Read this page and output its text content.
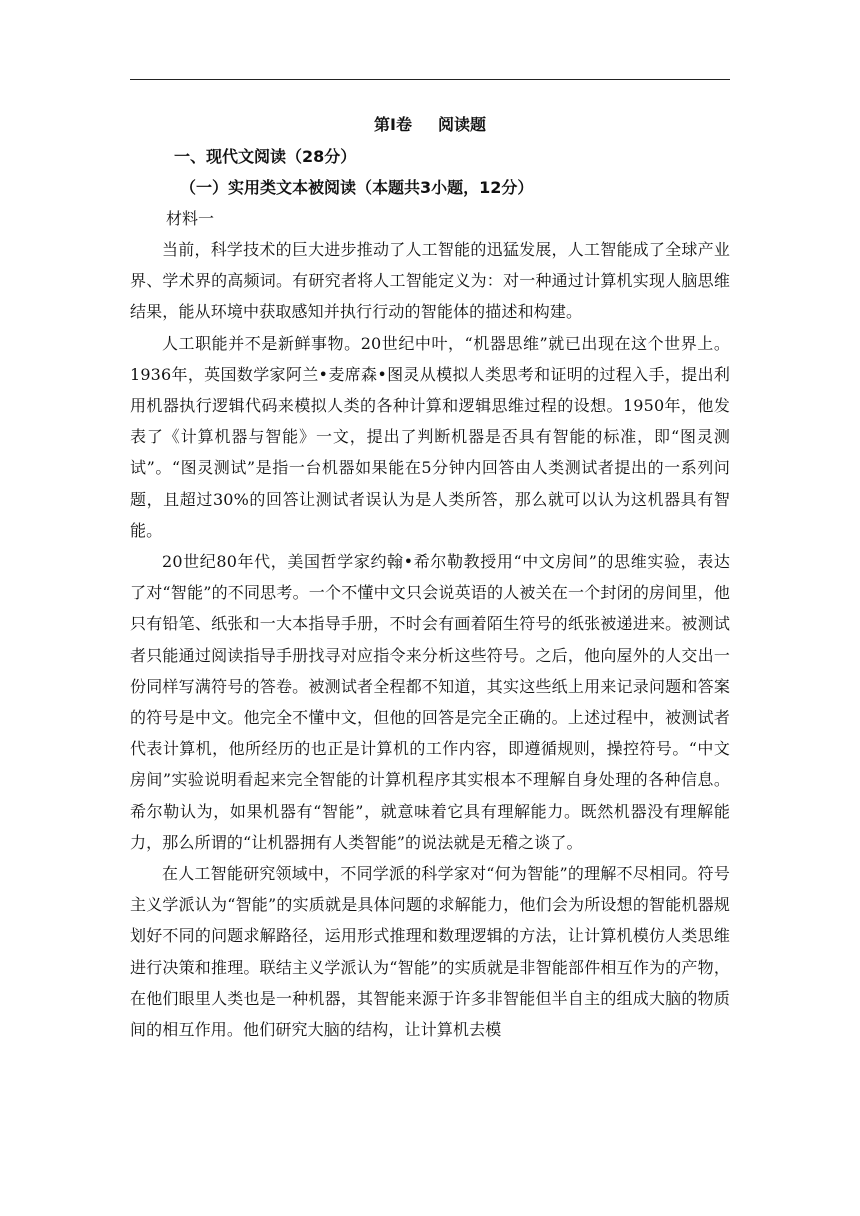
第Ⅰ卷 阅读题
一、现代文阅读（28分）
（一）实用类文本被阅读（本题共3小题，12分）
材料一

当前，科学技术的巨大进步推动了人工智能的迅猛发展，人工智能成了全球产业界、学术界的高频词。有研究者将人工智能定义为：对一种通过计算机实现人脑思维结果，能从环境中获取感知并执行行动的智能体的描述和构建。

人工职能并不是新鲜事物。20世纪中叶，“机器思维”就已出现在这个世界上。1936年，英国数学家阿兰•麦席森•图灵从模拟人类思考和证明的过程入手，提出利用机器执行逻辑代码来模拟人类的各种计算和逻辑思维过程的设想。1950年，他发表了《计算机器与智能》一文，提出了判断机器是否具有智能的标准，即“图灵测试”。“图灵测试”是指一台机器如果能在5分钟内回答由人类测试者提出的一系列问题，且超过30%的回答让测试者误认为是人类所答，那么就可以认为这机器具有智能。

20世纪80年代，美国哲学家约翰•希尔勒教授用“中文房间”的思维实验，表达了对“智能”的不同思考。一个不懂中文只会说英语的人被关在一个封闭的房间里，他只有铅笔、纸张和一大本指导手册，不时会有画着陌生符号的纸张被递进来。被测试者只能通过阅读指导手册找寻对应指令来分析这些符号。之后，他向屋外的人交出一份同样写满符号的答卷。被测试者全程都不知道，其实这些纸上用来记录问题和答案的符号是中文。他完全不懂中文，但他的回答是完全正确的。上述过程中，被测试者代表计算机，他所经历的也正是计算机的工作内容，即遵循规则，操控符号。“中文房间”实验说明看起来完全智能的计算机程序其实根本不理解自身处理的各种信息。希尔勒认为，如果机器有“智能”，就意味着它具有理解能力。既然机器没有理解能力，那么所谓的“让机器拥有人类智能”的说法就是无稽之谈了。

在人工智能研究领域中，不同学派的科学家对“何为智能”的理解不尽相同。符号主义学派认为“智能”的实质就是具体问题的求解能力，他们会为所设想的智能机器规划好不同的问题求解路径，运用形式推理和数理逻辑的方法，让计算机模仿人类思维进行决策和推理。联结主义学派认为“智能”的实质就是非智能部件相互作为的产物，在他们眼里人类也是一种机器，其智能来源于许多非智能但半自主的组成大脑的物质间的相互作用。他们研究大脑的结构，让计算机去模
